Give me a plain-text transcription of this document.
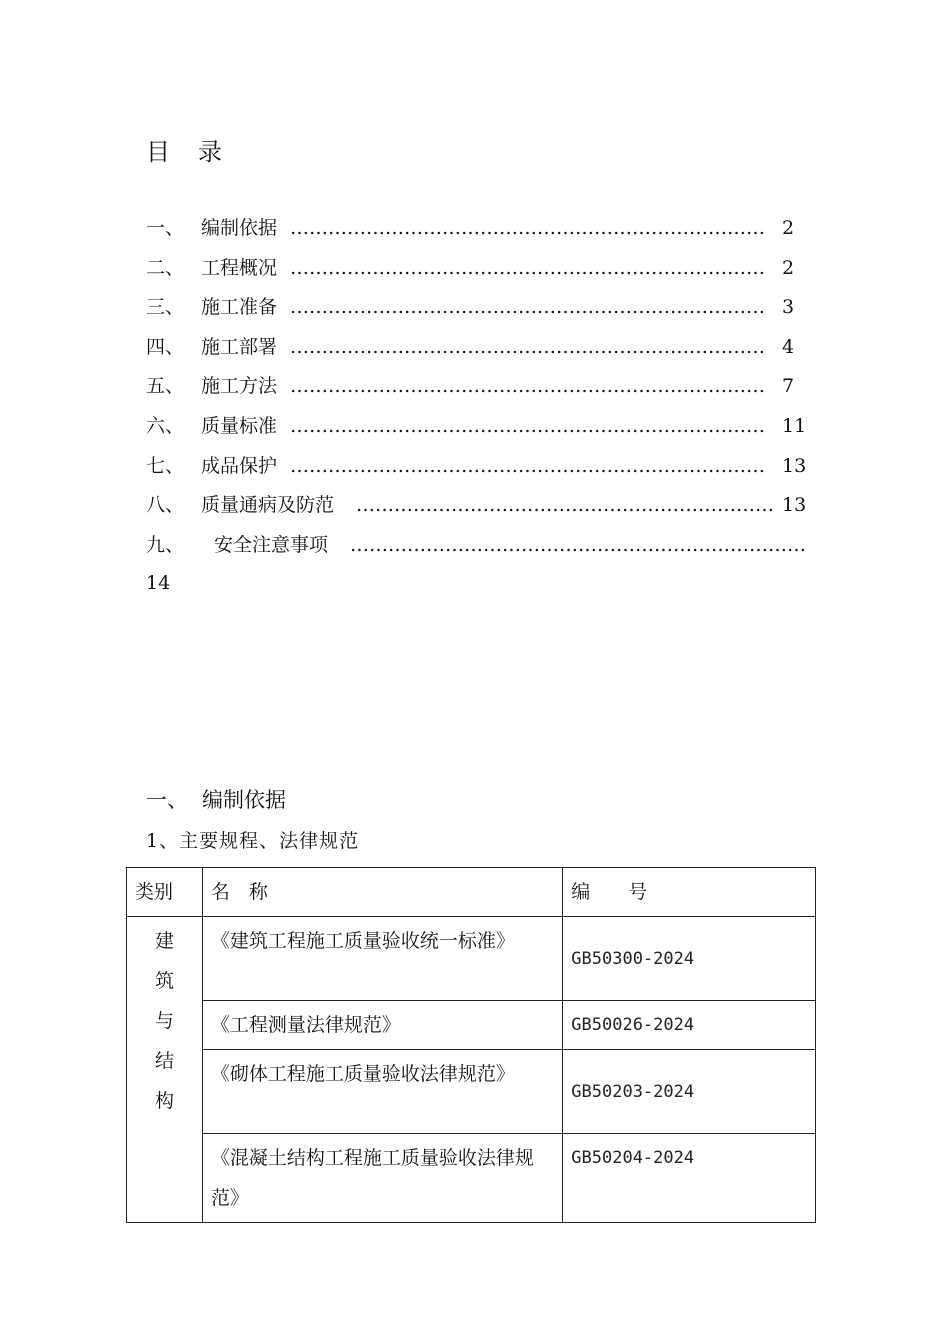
目　录
一、 编制依据 ………………………………………………………………… 2
二、 工程概况 ………………………………………………………………… 2
三、 施工准备 ………………………………………………………………… 3
四、 施工部署 ………………………………………………………………… 4
五、 施工方法 ………………………………………………………………… 7
六、 质量标准 ………………………………………………………………… 11
七、 成品保护 ………………………………………………………………… 13
八、 质量通病及防范 ………………………………………………………… 13
九、 安全注意事项 ………………………………………………………………
14
一、 编制依据
1、主要规程、法律规范
类别	名　称	编　　号

建
筑
与
结
构	《建筑工程施工质量验收统一标准》	GB50300-2024
	《工程测量法律规范》	GB50026-2024
	《砌体工程施工质量验收法律规范》	GB50203-2024
	《混凝土结构工程施工质量验收法律规范》	GB50204-2024
